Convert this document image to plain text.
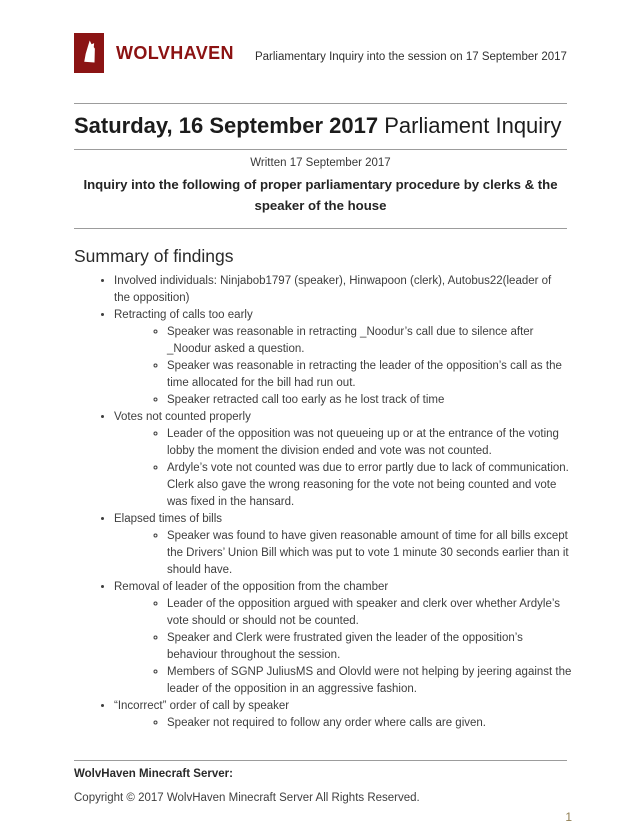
WOLVHAVEN Parliamentary Inquiry into the session on 17 September 2017
Saturday, 16 September 2017 Parliament Inquiry
Written 17 September 2017
Inquiry into the following of proper parliamentary procedure by clerks & the speaker of the house
Summary of findings
• Involved individuals: Ninjabob1797 (speaker), Hinwapoon (clerk), Autobus22(leader of the opposition)
• Retracting of calls too early
◦ Speaker was reasonable in retracting _Noodur’s call due to silence after _Noodur asked a question.
◦ Speaker was reasonable in retracting the leader of the opposition’s call as the time allocated for the bill had run out.
◦ Speaker retracted call too early as he lost track of time
• Votes not counted properly
◦ Leader of the opposition was not queueing up or at the entrance of the voting lobby the moment the division ended and vote was not counted.
◦ Ardyle’s vote not counted was due to error partly due to lack of communication. Clerk also gave the wrong reasoning for the vote not being counted and vote was fixed in the hansard.
• Elapsed times of bills
◦ Speaker was found to have given reasonable amount of time for all bills except the Drivers’ Union Bill which was put to vote 1 minute 30 seconds earlier than it should have.
• Removal of leader of the opposition from the chamber
◦ Leader of the opposition argued with speaker and clerk over whether Ardyle’s vote should or should not be counted.
◦ Speaker and Clerk were frustrated given the leader of the opposition’s behaviour throughout the session.
◦ Members of SGNP JuliusMS and Olovld were not helping by jeering against the leader of the opposition in an aggressive fashion.
• “Incorrect” order of call by speaker
◦ Speaker not required to follow any order where calls are given.
WolvHaven Minecraft Server:
Copyright © 2017 WolvHaven Minecraft Server All Rights Reserved.
1
